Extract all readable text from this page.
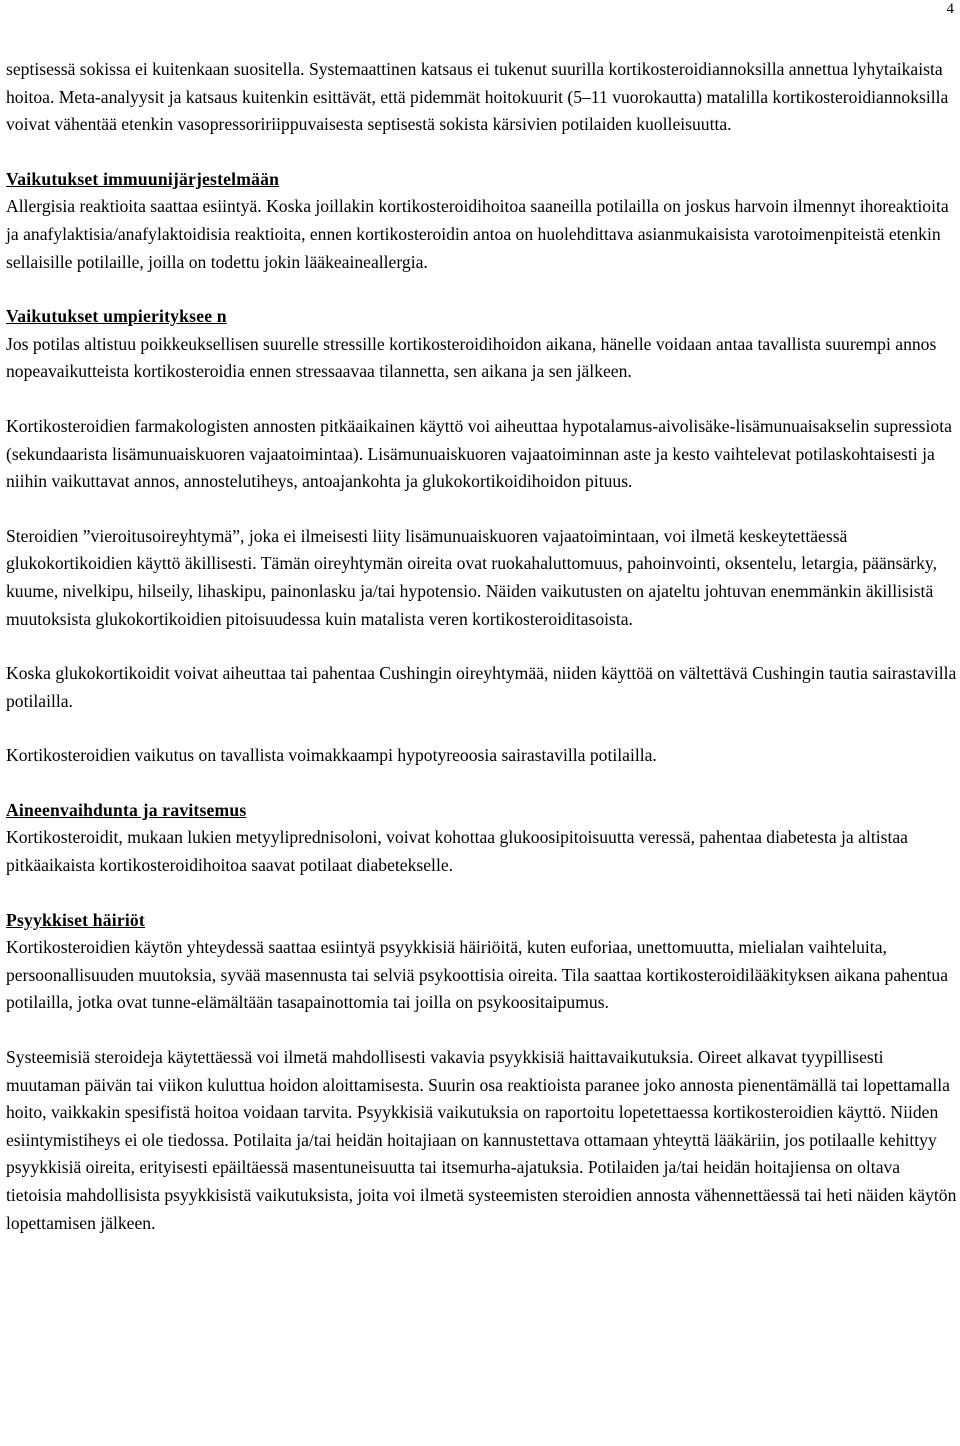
4

septisessä sokissa ei kuitenkaan suositella. Systemaattinen katsaus ei tukenut suurilla kortikosteroidiannoksilla annettua lyhytaikaista hoitoa. Meta-analyysit ja katsaus kuitenkin esittävät, että pidemmät hoitokuurit (5–11 vuorokautta) matalilla kortikosteroidiannoksilla voivat vähentää etenkin vasopressoririippuvaisesta septisestä sokista kärsivien potilaiden kuolleisuutta.

Vaikutukset immuunijärjestelmään

Allergisia reaktioita saattaa esiintyä. Koska joillakin kortikosteroidihoitoa saaneilla potilailla on joskus harvoin ilmennyt ihoreaktioita ja anafylaktisia/anafylaktoidisia reaktioita, ennen kortikosteroidin antoa on huolehdittava asianmukaisista varotoimenpiteistä etenkin sellaisille potilaille, joilla on todettu jokin lääkeaineallergia.

Vaikutukset umpierityksee n

Jos potilas altistuu poikkeuksellisen suurelle stressille kortikosteroidihoidon aikana, hänelle voidaan antaa tavallista suurempi annos nopeavaikutteista kortikosteroidia ennen stressaavaa tilannetta, sen aikana ja sen jälkeen.

Kortikosteroidien farmakologisten annosten pitkäaikainen käyttö voi aiheuttaa hypotalamus-aivolisäke-lisämunuaisakselin supressiota (sekundaarista lisämunuaiskuoren vajaatoimintaa). Lisämunuaiskuoren vajaatoiminnan aste ja kesto vaihtelevat potilaskohtaisesti ja niihin vaikuttavat annos, annostelutiheys, antoajankohta ja glukokortikoidihoidon pituus.

Steroidien ”vieroitusoireyhtymä”, joka ei ilmeisesti liity lisämunuaiskuoren vajaatoimintaan, voi ilmetä keskeytettäessä glukokortikoidien käyttö äkillisesti. Tämän oireyhtymän oireita ovat ruokahaluttomuus, pahoinvointi, oksentelu, letargia, päänsärky, kuume, nivelkipu, hilseily, lihaskipu, painonlasku ja/tai hypotensio. Näiden vaikutusten on ajateltu johtuvan enemmänkin äkillisistä muutoksista glukokortikoidien pitoisuudessa kuin matalista veren kortikosteroiditasoista.

Koska glukokortikoidit voivat aiheuttaa tai pahentaa Cushingin oireyhtymää, niiden käyttöä on vältettävä Cushingin tautia sairastavilla potilailla.

Kortikosteroidien vaikutus on tavallista voimakkaampi hypotyreoosia sairastavilla potilailla.

Aineenvaihdunta ja ravitsemus

Kortikosteroidit, mukaan lukien metyyliprednisoloni, voivat kohottaa glukoosipitoisuutta veressä, pahentaa diabetesta ja altistaa pitkäaikaista kortikosteroidihoitoa saavat potilaat diabetekselle.

Psyykkiset häiriöt

Kortikosteroidien käytön yhteydessä saattaa esiintyä psyykkisiä häiriöitä, kuten euforiaa, unettomuutta, mielialan vaihteluita, persoonallisuuden muutoksia, syvää masennusta tai selviä psykoottisia oireita. Tila saattaa kortikosteroidilääkityksen aikana pahentua potilailla, jotka ovat tunne-elämältään tasapainottomia tai joilla on psykoositaipumus.

Systeemisiä steroideja käytettäessä voi ilmetä mahdollisesti vakavia psyykkisiä haittavaikutuksia. Oireet alkavat tyypillisesti muutaman päivän tai viikon kuluttua hoidon aloittamisesta. Suurin osa reaktioista paranee joko annosta pienentämällä tai lopettamalla hoito, vaikkakin spesifistä hoitoa voidaan tarvita. Psyykkisiä vaikutuksia on raportoitu lopetettaessa kortikosteroidien käyttö. Niiden esiintymistiheys ei ole tiedossa. Potilaita ja/tai heidän hoitajiaan on kannustettava ottamaan yhteyttä lääkäriin, jos potilaalle kehittyy psyykkisiä oireita, erityisesti epäiltäessä masentuneisuutta tai itsemurha-ajatuksia. Potilaiden ja/tai heidän hoitajiensa on oltava tietoisia mahdollisista psyykkisistä vaikutuksista, joita voi ilmetä systeemisten steroidien annosta vähennettäessä tai heti näiden käytön lopettamisen jälkeen.
